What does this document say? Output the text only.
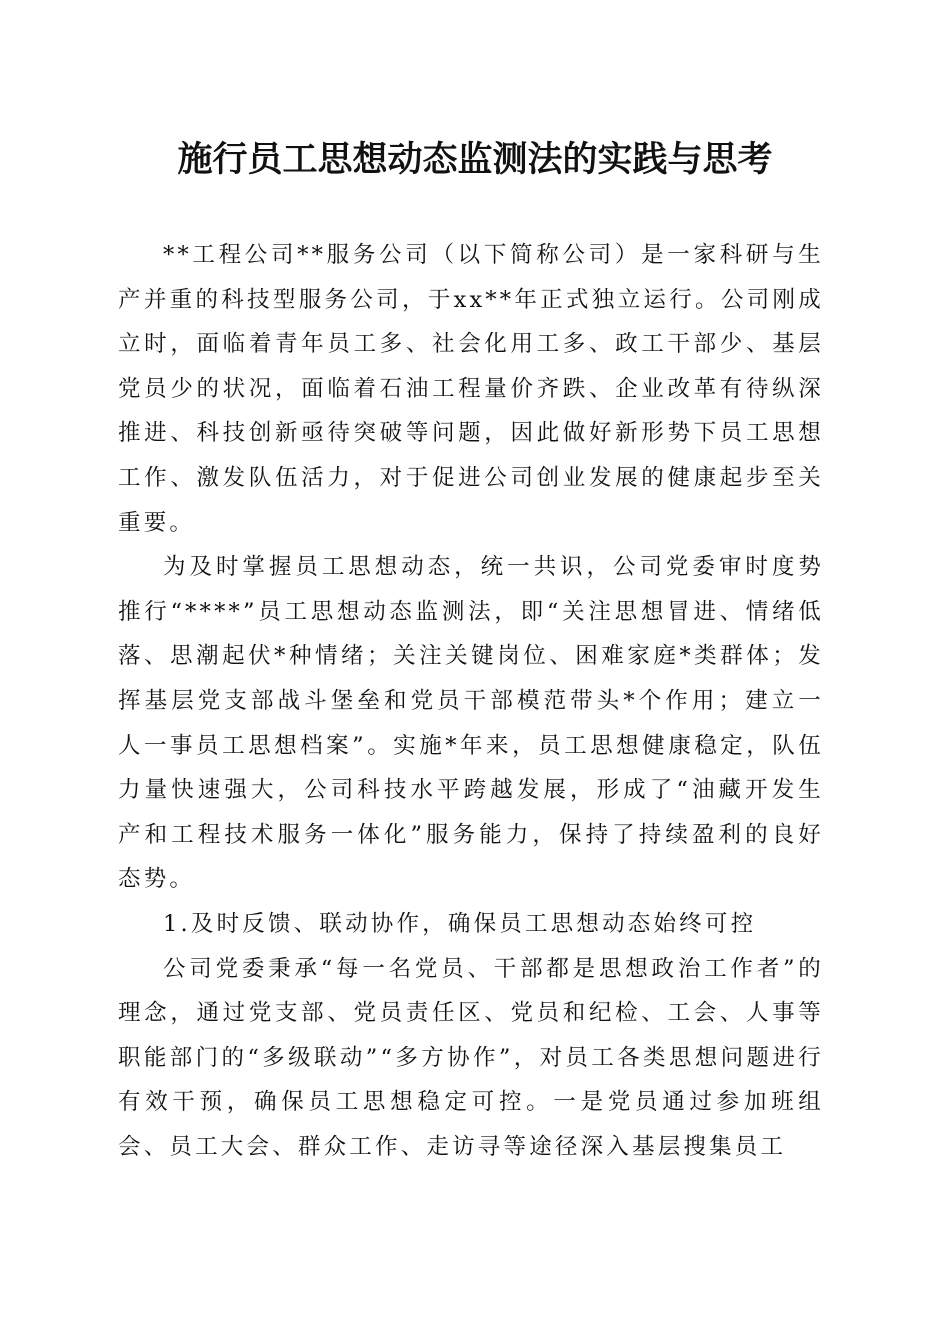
施行员工思想动态监测法的实践与思考

**工程公司**服务公司（以下简称公司）是一家科研与生产并重的科技型服务公司，于xx**年正式独立运行。公司刚成立时，面临着青年员工多、社会化用工多、政工干部少、基层党员少的状况，面临着石油工程量价齐跌、企业改革有待纵深推进、科技创新亟待突破等问题，因此做好新形势下员工思想工作、激发队伍活力，对于促进公司创业发展的健康起步至关重要。

为及时掌握员工思想动态，统一共识，公司党委审时度势推行“****”员工思想动态监测法，即“关注思想冒进、情绪低落、思潮起伏*种情绪；关注关键岗位、困难家庭*类群体；发挥基层党支部战斗堡垒和党员干部模范带头*个作用；建立一人一事员工思想档案”。实施*年来，员工思想健康稳定，队伍力量快速强大，公司科技水平跨越发展，形成了“油藏开发生产和工程技术服务一体化”服务能力，保持了持续盈利的良好态势。

1.及时反馈、联动协作，确保员工思想动态始终可控

公司党委秉承“每一名党员、干部都是思想政治工作者”的理念，通过党支部、党员责任区、党员和纪检、工会、人事等职能部门的“多级联动”“多方协作”，对员工各类思想问题进行有效干预，确保员工思想稳定可控。一是党员通过参加班组会、员工大会、群众工作、走访寻等途径深入基层搜集员工
